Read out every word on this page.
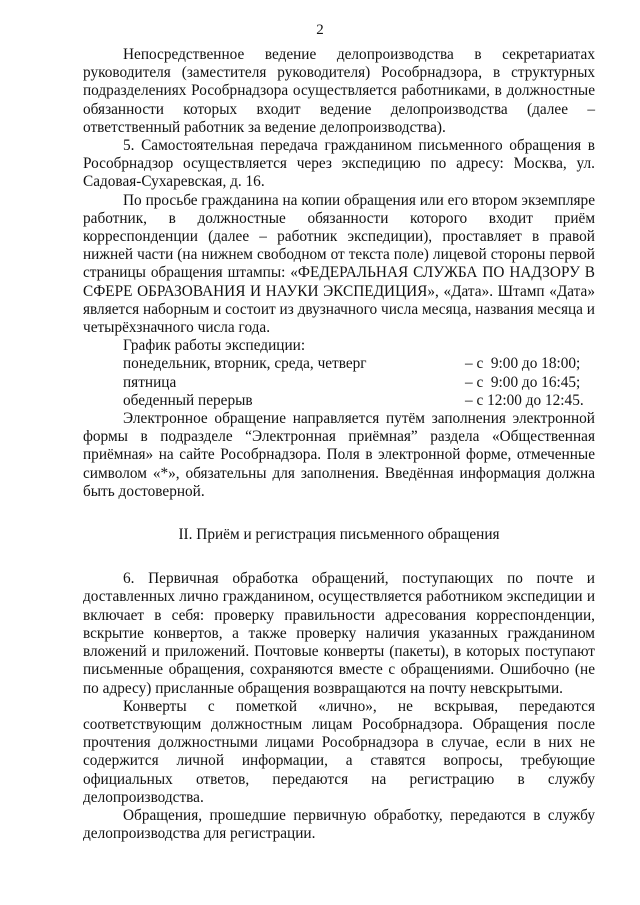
2

Непосредственное ведение делопроизводства в секретариатах руководителя (заместителя руководителя) Рособрнадзора, в структурных подразделениях Рособрнадзора осуществляется работниками, в должностные обязанности которых входит ведение делопроизводства (далее – ответственный работник за ведение делопроизводства).

5. Самостоятельная передача гражданином письменного обращения в Рособрнадзор осуществляется через экспедицию по адресу: Москва, ул. Садовая-Сухаревская, д. 16.

По просьбе гражданина на копии обращения или его втором экземпляре работник, в должностные обязанности которого входит приём корреспонденции (далее – работник экспедиции), проставляет в правой нижней части (на нижнем свободном от текста поле) лицевой стороны первой страницы обращения штампы: «ФЕДЕРАЛЬНАЯ СЛУЖБА ПО НАДЗОРУ В СФЕРЕ ОБРАЗОВАНИЯ И НАУКИ ЭКСПЕДИЦИЯ», «Дата». Штамп «Дата» является наборным и состоит из двузначного числа месяца, названия месяца и четырёхзначного числа года.

График работы экспедиции:
понедельник, вторник, среда, четверг	– с  9:00 до 18:00;
пятница	– с  9:00 до 16:45;
обеденный перерыв	– с 12:00 до 12:45.

Электронное обращение направляется путём заполнения электронной формы в подразделе “Электронная приёмная” раздела «Общественная приёмная» на сайте Рособрнадзора. Поля в электронной форме, отмеченные символом «*», обязательны для заполнения. Введённая информация должна быть достоверной.

II. Приём и регистрация письменного обращения

6. Первичная обработка обращений, поступающих по почте и доставленных лично гражданином, осуществляется работником экспедиции и включает в себя: проверку правильности адресования корреспонденции, вскрытие конвертов, а также проверку наличия указанных гражданином вложений и приложений. Почтовые конверты (пакеты), в которых поступают письменные обращения, сохраняются вместе с обращениями. Ошибочно (не по адресу) присланные обращения возвращаются на почту невскрытыми.

Конверты с пометкой «лично», не вскрывая, передаются соответствующим должностным лицам Рособрнадзора. Обращения после прочтения должностными лицами Рособрнадзора в случае, если в них не содержится личной информации, а ставятся вопросы, требующие официальных ответов, передаются на регистрацию в службу делопроизводства.

Обращения, прошедшие первичную обработку, передаются в службу делопроизводства для регистрации.
